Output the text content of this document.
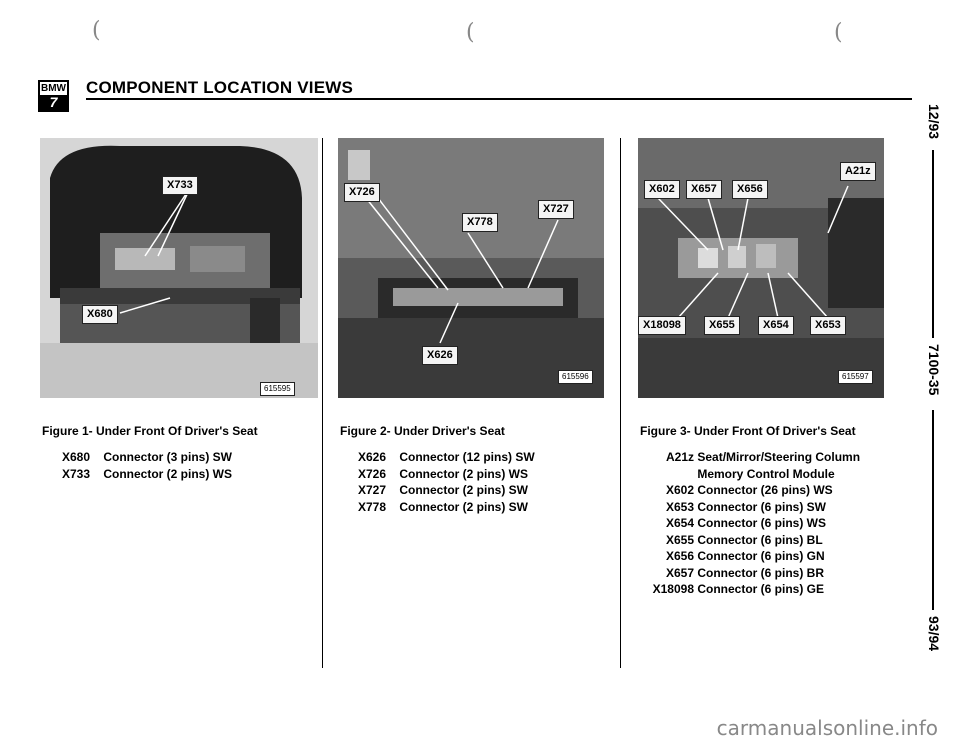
(	(	(
BMW
7
COMPONENT LOCATION VIEWS
X733
X680
615595
X726
X778
X727
X626
615596
X602	X657	X656
A21z
X18098	X655	X654	X653
615597
Figure 1- Under Front Of Driver's Seat	Figure 2- Under Driver's Seat	Figure 3- Under Front Of Driver's Seat
X680 Connector (3 pins) SW
X733 Connector (2 pins) WS
X626 Connector (12 pins) SW
X726 Connector (2 pins) WS
X727 Connector (2 pins) SW
X778 Connector (2 pins) SW
A21z Seat/Mirror/Steering Column
Memory Control Module
X602 Connector (26 pins) WS
X653 Connector (6 pins) SW
X654 Connector (6 pins) WS
X655 Connector (6 pins) BL
X656 Connector (6 pins) GN
X657 Connector (6 pins) BR
X18098 Connector (6 pins) GE
12/93
7100-35
93/94
carmanualsonline.info
